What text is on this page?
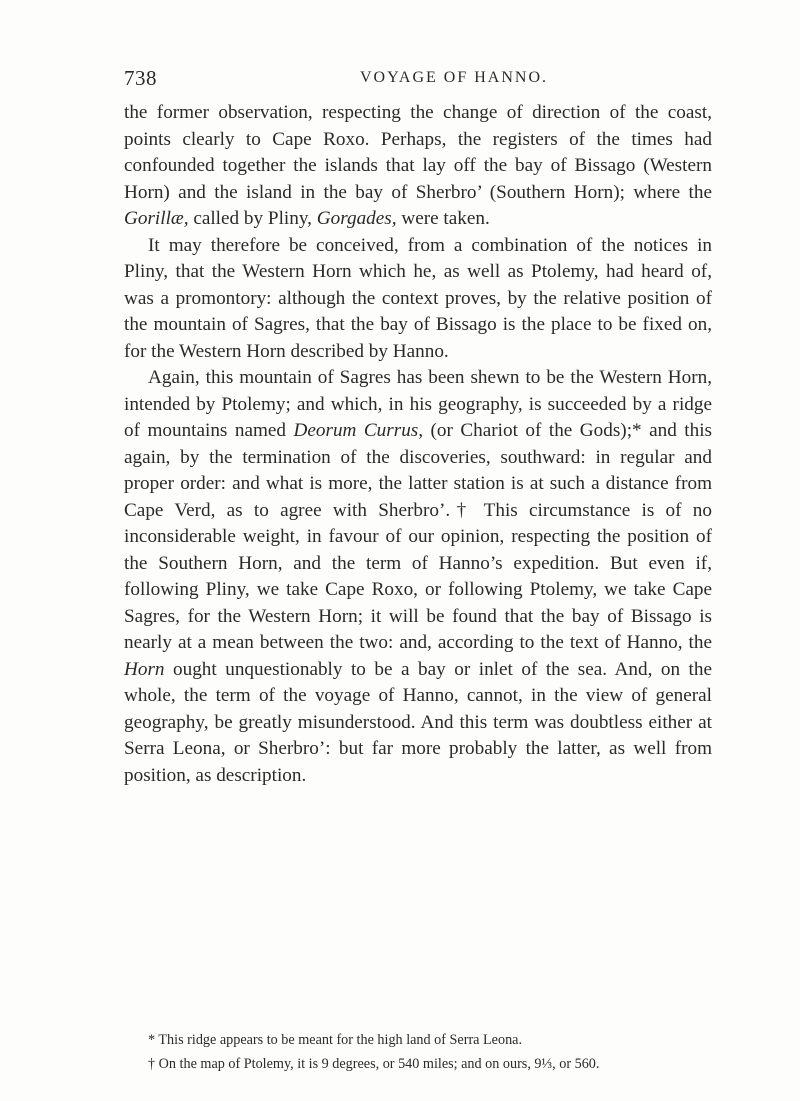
738	VOYAGE OF HANNO.

the former observation, respecting the change of direction of the coast, points clearly to Cape Roxo. Perhaps, the registers of the times had confounded together the islands that lay off the bay of Bissago (Western Horn) and the island in the bay of Sherbro’ (Southern Horn); where the Gorillæ, called by Pliny, Gorgades, were taken.

It may therefore be conceived, from a combination of the notices in Pliny, that the Western Horn which he, as well as Ptolemy, had heard of, was a promontory: although the context proves, by the relative position of the mountain of Sagres, that the bay of Bissago is the place to be fixed on, for the Western Horn described by Hanno.

Again, this mountain of Sagres has been shewn to be the Western Horn, intended by Ptolemy; and which, in his geography, is succeeded by a ridge of mountains named Deorum Currus, (or Chariot of the Gods);* and this again, by the termination of the discoveries, southward: in regular and proper order: and what is more, the latter station is at such a distance from Cape Verd, as to agree with Sherbro’.† This circumstance is of no inconsiderable weight, in favour of our opinion, respecting the position of the Southern Horn, and the term of Hanno’s expedition. But even if, following Pliny, we take Cape Roxo, or following Ptolemy, we take Cape Sagres, for the Western Horn; it will be found that the bay of Bissago is nearly at a mean between the two: and, according to the text of Hanno, the Horn ought unquestionably to be a bay or inlet of the sea. And, on the whole, the term of the voyage of Hanno, cannot, in the view of general geography, be greatly misunderstood. And this term was doubtless either at Serra Leona, or Sherbro’: but far more probably the latter, as well from position, as description.

* This ridge appears to be meant for the high land of Serra Leona.

† On the map of Ptolemy, it is 9 degrees, or 540 miles; and on ours, 9⅓, or 560.
